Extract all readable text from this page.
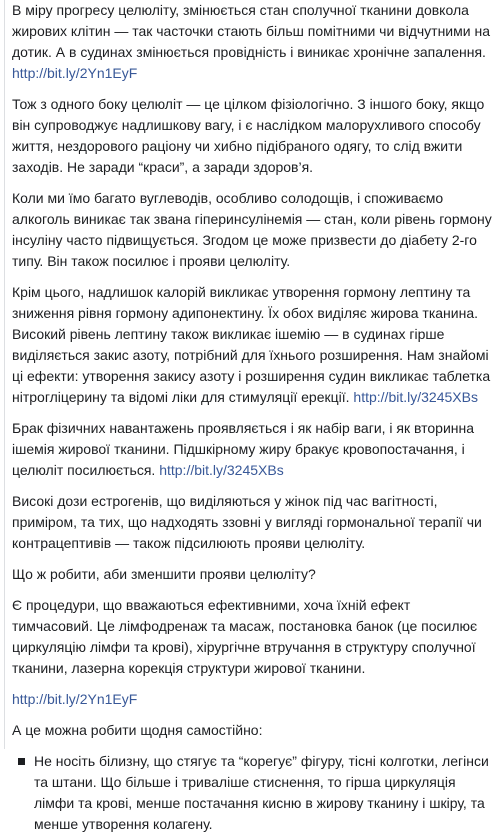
В міру прогресу целюліту, змінюється стан сполучної тканини довкола жирових клітин — так часточки стають більш помітними чи відчутними на дотик. А в судинах змінюється провідність і виникає хронічне запалення. http://bit.ly/2Yn1EyF

Тож з одного боку целюліт — це цілком фізіологічно. З іншого боку, якщо він супроводжує надлишкову вагу, і є наслідком малорухливого способу життя, нездорового раціону чи хибно підібраного одягу, то слід вжити заходів. Не заради “краси”, а заради здоров’я.

Коли ми їмо багато вуглеводів, особливо солодощів, і споживаємо алкоголь виникає так звана гіперинсулінемія — стан, коли рівень гормону інсуліну часто підвищується. Згодом це може призвести до діабету 2-го типу. Він також посилює і прояви целюліту.

Крім цього, надлишок калорій викликає утворення гормону лептину та зниження рівня гормону адипонектину. Їх обох виділяє жирова тканина. Високий рівень лептину також викликає ішемію — в судинах гірше виділяється закис азоту, потрібний для їхнього розширення. Нам знайомі ці ефекти: утворення закису азоту і розширення судин викликає таблетка нітрогліцерину та відомі ліки для стимуляції ерекції. http://bit.ly/3245XBs

Брак фізичних навантажень проявляється і як набір ваги, і як вторинна ішемія жирової тканини. Підшкірному жиру бракує кровопостачання, і целюліт посилюється. http://bit.ly/3245XBs

Високі дози естрогенів, що виділяються у жінок під час вагітності, приміром, та тих, що надходять ззовні у вигляді гормональної терапії чи контрацептивів — також підсилюють прояви целюліту.

Що ж робити, аби зменшити прояви целюліту?

Є процедури, що вважаються ефективними, хоча їхній ефект тимчасовий. Це лімфодренаж та масаж, постановка банок (це посилює циркуляцію лімфи та крові), хірургічне втручання в структуру сполучної тканини, лазерна корекція структури жирової тканини.

http://bit.ly/2Yn1EyF

А це можна робити щодня самостійно:

Не носіть білизну, що стягує та “корегує” фігуру, тісні колготки, легінси та штани. Що більше і триваліше стиснення, то гірша циркуляція лімфи та крові, менше постачання кисню в жирову тканину і шкіру, та менше утворення колагену.
